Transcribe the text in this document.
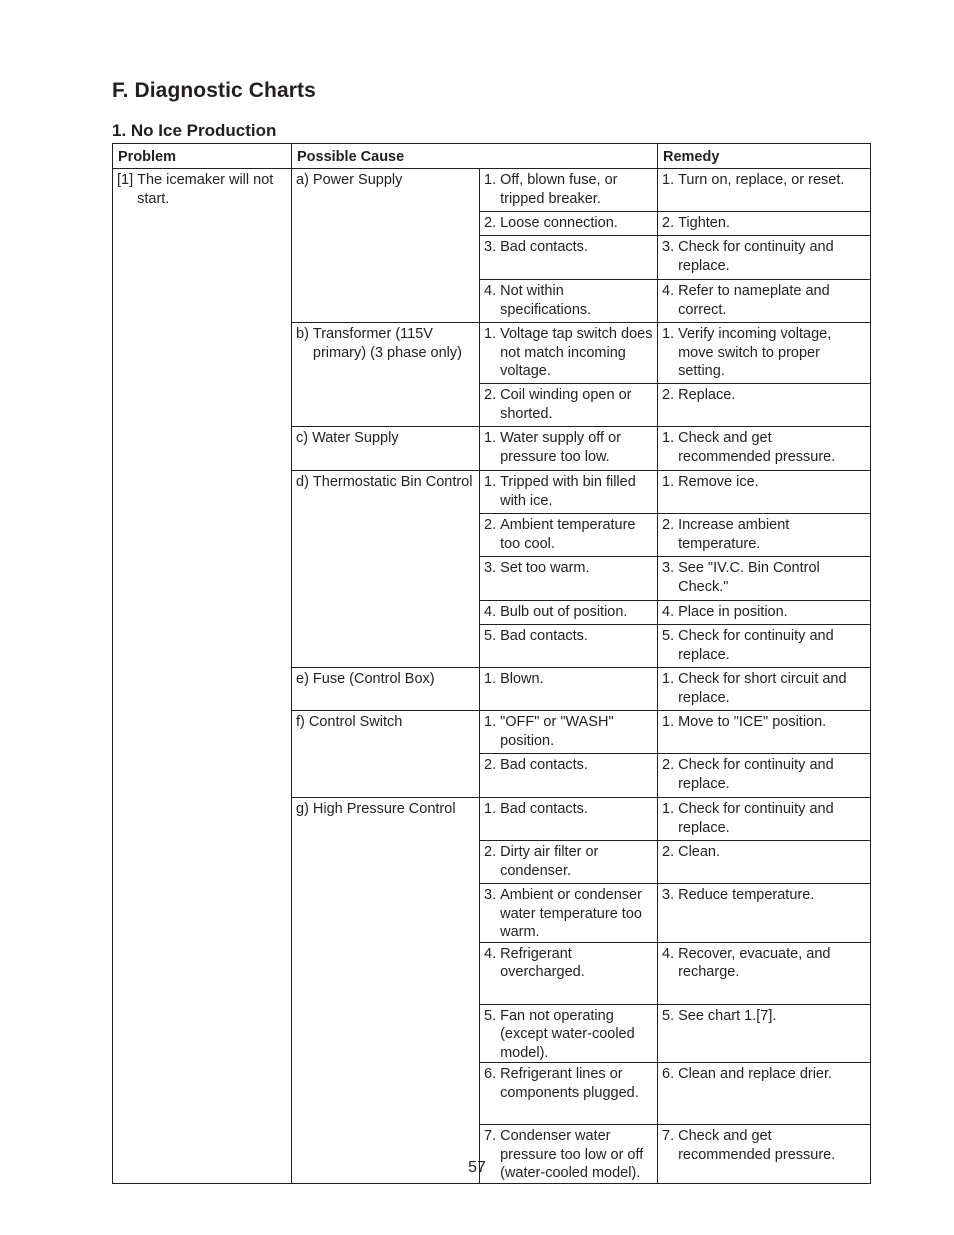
F. Diagnostic Charts
1. No Ice Production
Problem	Possible Cause		Remedy

[1] The icemaker will not start.	a) Power Supply	1. Off, blown fuse, or tripped breaker.	1. Turn on, replace, or reset.

		2. Loose connection.	2. Tighten.

		3. Bad contacts.	3. Check for continuity and replace.

		4. Not within specifications.	4. Refer to nameplate and correct.

	b) Transformer (115V primary) (3 phase only)	1. Voltage tap switch does not match incoming voltage.	1. Verify incoming voltage, move switch to proper setting.

		2. Coil winding open or shorted.	2. Replace.

	c) Water Supply	1. Water supply off or pressure too low.	1. Check and get recommended pressure.

	d) Thermostatic Bin Control	1. Tripped with bin filled with ice.	1. Remove ice.

		2. Ambient temperature too cool.	2. Increase ambient temperature.

		3. Set too warm.	3. See "IV.C. Bin Control Check."

		4. Bulb out of position.	4. Place in position.

		5. Bad contacts.	5. Check for continuity and replace.

	e) Fuse (Control Box)	1. Blown.	1. Check for short circuit and replace.

	f) Control Switch	1. "OFF" or "WASH" position.	1. Move to "ICE" position.

		2. Bad contacts.	2. Check for continuity and replace.

	g) High Pressure Control	1. Bad contacts.	1. Check for continuity and replace.

		2. Dirty air filter or condenser.	2. Clean.

		3. Ambient or condenser water temperature too warm.	3. Reduce temperature.

		4. Refrigerant overcharged.	4. Recover, evacuate, and recharge.

		5. Fan not operating (except water-cooled model).	5. See chart 1.[7].

		6. Refrigerant lines or components plugged.	6. Clean and replace drier.

		7. Condenser water pressure too low or off (water-cooled model).	7. Check and get recommended pressure.
57
